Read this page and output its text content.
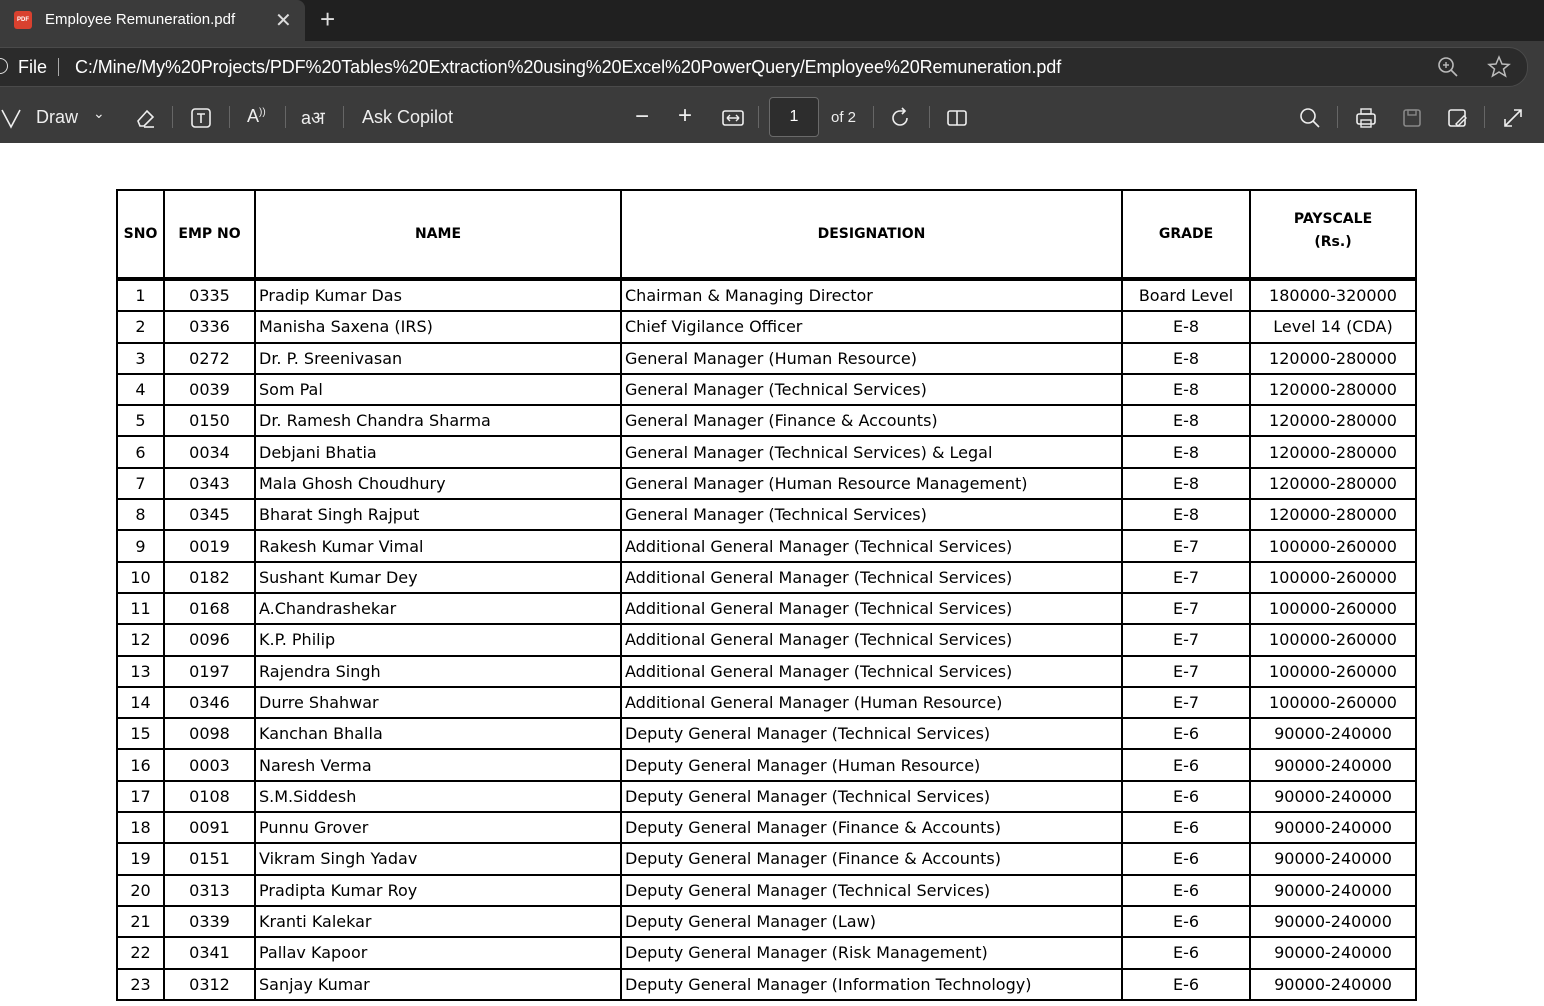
PDF Employee Remuneration.pdf ✕ +
File C:/Mine/My%20Projects/PDF%20Tables%20Extraction%20using%20Excel%20PowerQuery/Employee%20Remuneration.pdf
Draw ⌄	A)) aअ Ask Copilot	− +	1	of 2
SNO	EMP NO	NAME	DESIGNATION	GRADE	PAYSCALE
(Rs.)
1	0335	Pradip Kumar Das	Chairman & Managing Director	Board Level	180000-320000
2	0336	Manisha Saxena (IRS)	Chief Vigilance Officer	E-8	Level 14 (CDA)
3	0272	Dr. P. Sreenivasan	General Manager (Human Resource)	E-8	120000-280000
4	0039	Som Pal	General Manager (Technical Services)	E-8	120000-280000
5	0150	Dr. Ramesh Chandra Sharma	General Manager (Finance & Accounts)	E-8	120000-280000
6	0034	Debjani Bhatia	General Manager (Technical Services) & Legal	E-8	120000-280000
7	0343	Mala Ghosh Choudhury	General Manager (Human Resource Management)	E-8	120000-280000
8	0345	Bharat Singh Rajput	General Manager (Technical Services)	E-8	120000-280000
9	0019	Rakesh Kumar Vimal	Additional General Manager (Technical Services)	E-7	100000-260000
10	0182	Sushant Kumar Dey	Additional General Manager (Technical Services)	E-7	100000-260000
11	0168	A.Chandrashekar	Additional General Manager (Technical Services)	E-7	100000-260000
12	0096	K.P. Philip	Additional General Manager (Technical Services)	E-7	100000-260000
13	0197	Rajendra Singh	Additional General Manager (Technical Services)	E-7	100000-260000
14	0346	Durre Shahwar	Additional General Manager (Human Resource)	E-7	100000-260000
15	0098	Kanchan Bhalla	Deputy General Manager (Technical Services)	E-6	90000-240000
16	0003	Naresh Verma	Deputy General Manager (Human Resource)	E-6	90000-240000
17	0108	S.M.Siddesh	Deputy General Manager (Technical Services)	E-6	90000-240000
18	0091	Punnu Grover	Deputy General Manager (Finance & Accounts)	E-6	90000-240000
19	0151	Vikram Singh Yadav	Deputy General Manager (Finance & Accounts)	E-6	90000-240000
20	0313	Pradipta Kumar Roy	Deputy General Manager (Technical Services)	E-6	90000-240000
21	0339	Kranti Kalekar	Deputy General Manager (Law)	E-6	90000-240000
22	0341	Pallav Kapoor	Deputy General Manager (Risk Management)	E-6	90000-240000
23	0312	Sanjay Kumar	Deputy General Manager (Information Technology)	E-6	90000-240000
